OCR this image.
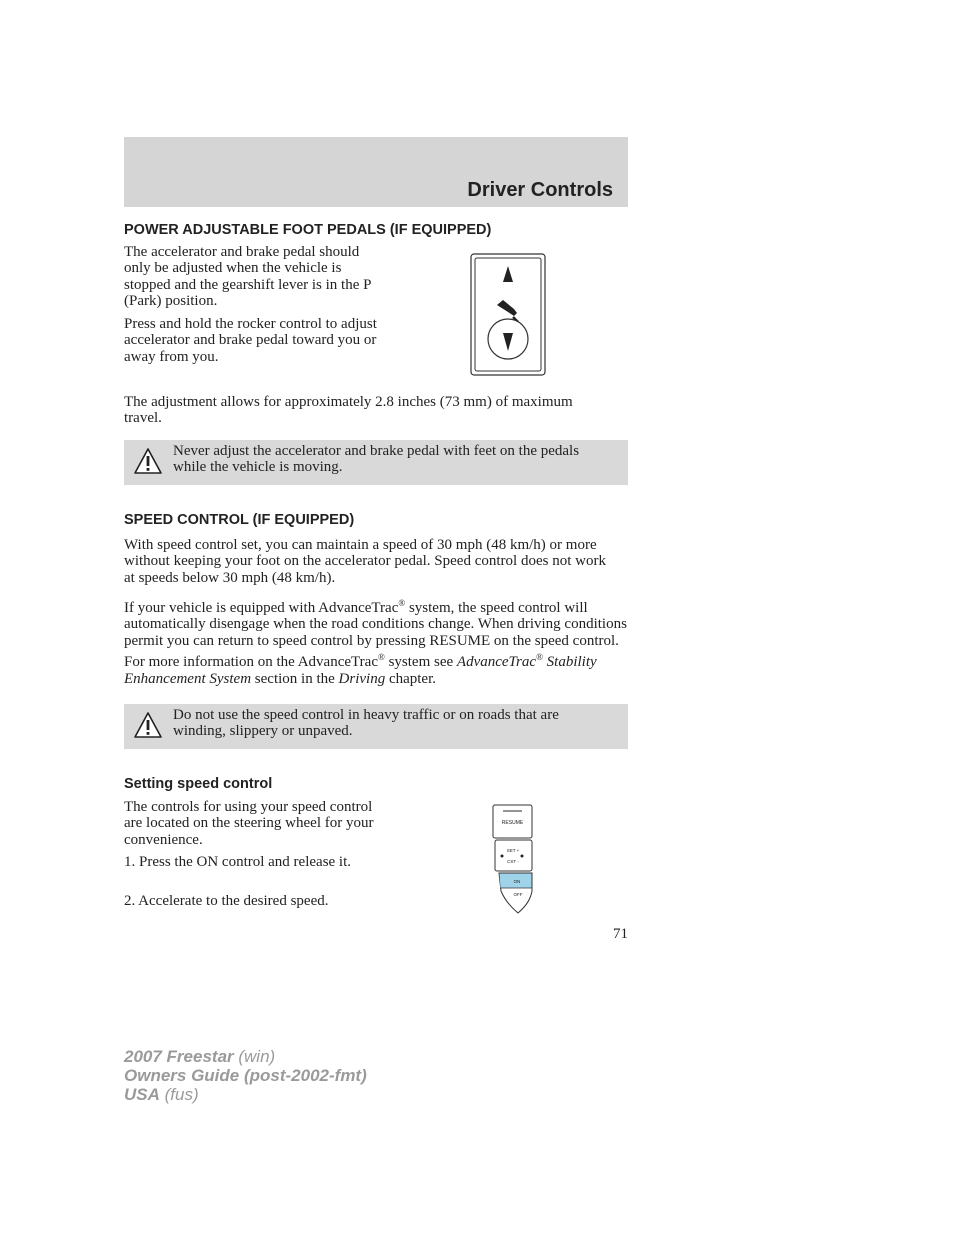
Driver Controls
POWER ADJUSTABLE FOOT PEDALS (IF EQUIPPED)

The accelerator and brake pedal should only be adjusted when the vehicle is stopped and the gearshift lever is in the P (Park) position.

Press and hold the rocker control to adjust accelerator and brake pedal toward you or away from you.

The adjustment allows for approximately 2.8 inches (73 mm) of maximum travel.

Never adjust the accelerator and brake pedal with feet on the pedals while the vehicle is moving.

SPEED CONTROL (IF EQUIPPED)

With speed control set, you can maintain a speed of 30 mph (48 km/h) or more without keeping your foot on the accelerator pedal. Speed control does not work at speeds below 30 mph (48 km/h).

If your vehicle is equipped with AdvanceTrac® system, the speed control will automatically disengage when the road conditions change. When driving conditions permit you can return to speed control by pressing RESUME on the speed control. For more information on the AdvanceTrac® system see AdvanceTrac® Stability Enhancement System section in the Driving chapter.

Do not use the speed control in heavy traffic or on roads that are winding, slippery or unpaved.

Setting speed control

The controls for using your speed control are located on the steering wheel for your convenience.

1. Press the ON control and release it.

2. Accelerate to the desired speed.

RESUME
SET +
CST -
ON
OFF
71
2007 Freestar (win)
Owners Guide (post-2002-fmt)
USA (fus)
